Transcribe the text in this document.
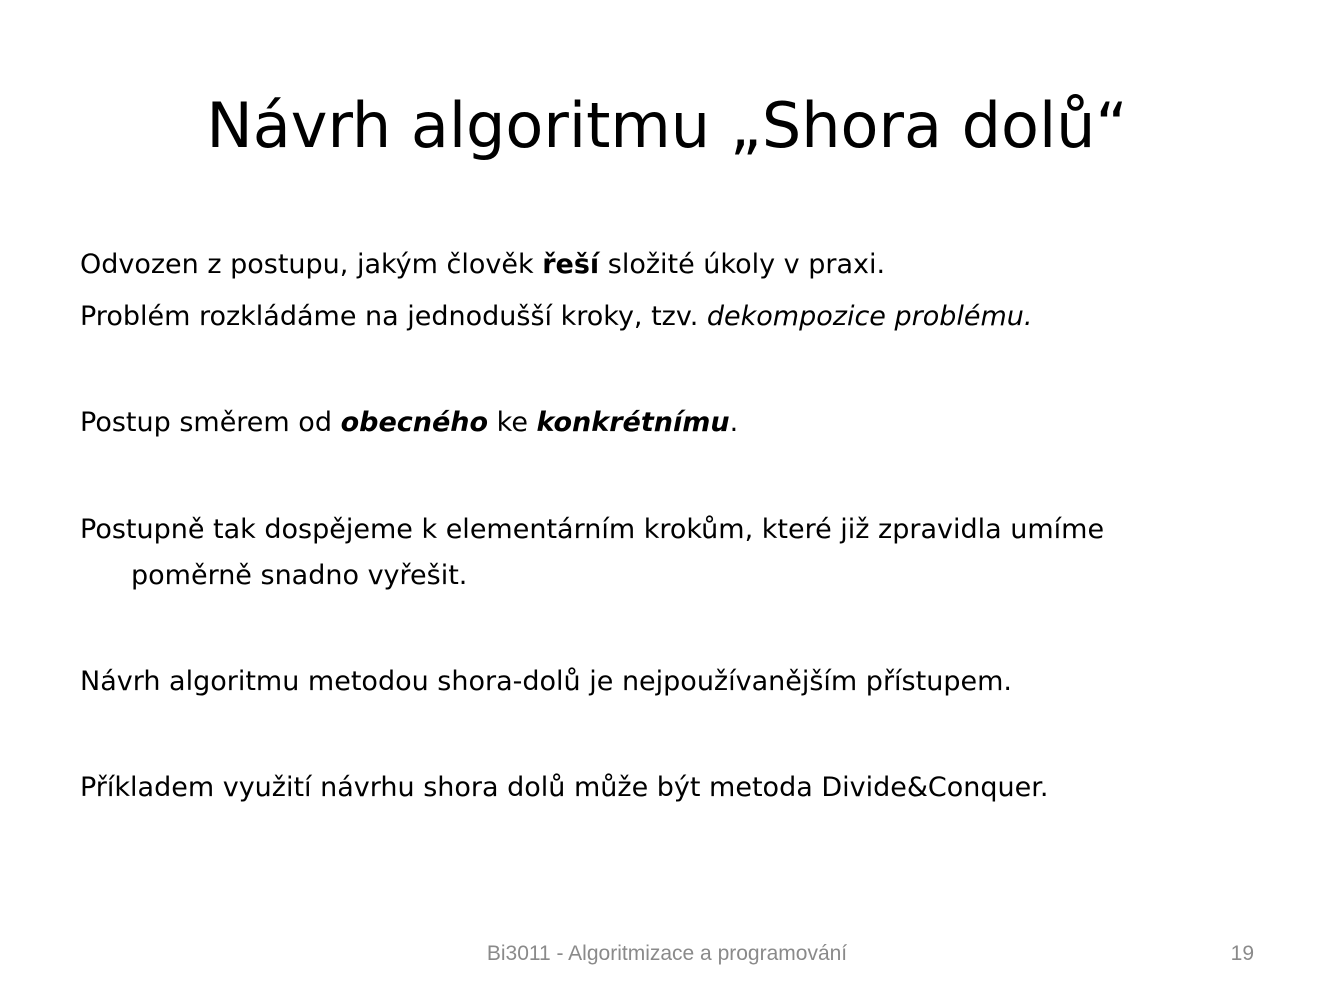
Návrh algoritmu „Shora dolů“
Odvozen z postupu, jakým člověk řeší složité úkoly v praxi.
Problém rozkládáme na jednodušší kroky, tzv. dekompozice problému.
Postup směrem od obecného ke konkrétnímu.
Postupně tak dospějeme k elementárním krokům, které již zpravidla umíme
poměrně snadno vyřešit.
Návrh algoritmu metodou shora-dolů je nejpoužívanějším přístupem.
Příkladem využití návrhu shora dolů může být metoda Divide&Conquer.
Bi3011 - Algoritmizace a programování	19
